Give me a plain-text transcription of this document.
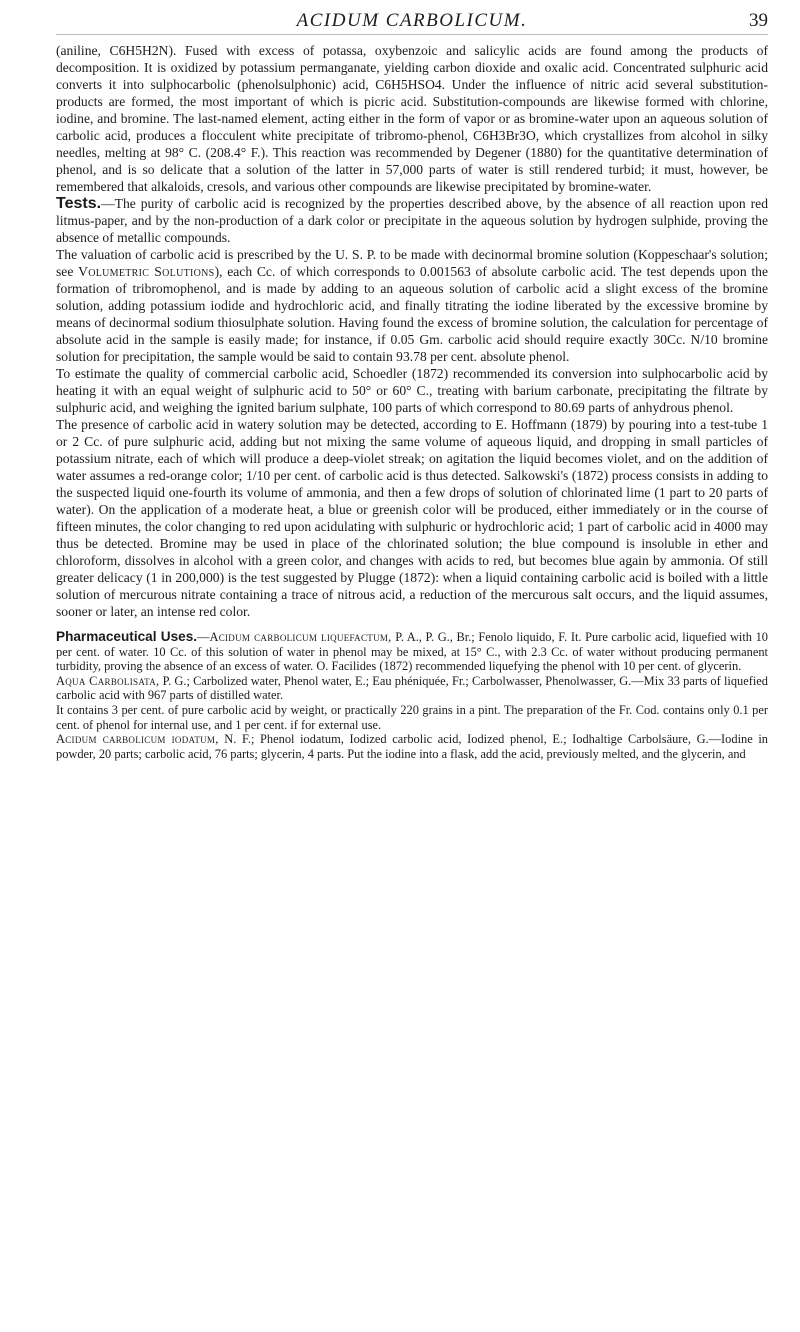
ACIDUM CARBOLICUM.	39

(aniline, C6H5H2N). Fused with excess of potassa, oxybenzoic and salicylic acids are found among the products of decomposition. It is oxidized by potassium permanganate, yielding carbon dioxide and oxalic acid. Concentrated sulphuric acid converts it into sulphocarbolic (phenolsulphonic) acid, C6H5HSO4. Under the influence of nitric acid several substitution-products are formed, the most important of which is picric acid. Substitution-compounds are likewise formed with chlorine, iodine, and bromine. The last-named element, acting either in the form of vapor or as bromine-water upon an aqueous solution of carbolic acid, produces a flocculent white precipitate of tribromo-phenol, C6H3Br3O, which crystallizes from alcohol in silky needles, melting at 98° C. (208.4° F.). This reaction was recommended by Degener (1880) for the quantitative determination of phenol, and is so delicate that a solution of the latter in 57,000 parts of water is still rendered turbid; it must, however, be remembered that alkaloids, cresols, and various other compounds are likewise precipitated by bromine-water.

Tests.—The purity of carbolic acid is recognized by the properties described above, by the absence of all reaction upon red litmus-paper, and by the non-production of a dark color or precipitate in the aqueous solution by hydrogen sulphide, proving the absence of metallic compounds.

The valuation of carbolic acid is prescribed by the U. S. P. to be made with decinormal bromine solution (Koppeschaar's solution; see Volumetric Solutions), each Cc. of which corresponds to 0.001563 of absolute carbolic acid. The test depends upon the formation of tribromophenol, and is made by adding to an aqueous solution of carbolic acid a slight excess of the bromine solution, adding potassium iodide and hydrochloric acid, and finally titrating the iodine liberated by the excessive bromine by means of decinormal sodium thiosulphate solution. Having found the excess of bromine solution, the calculation for percentage of absolute acid in the sample is easily made; for instance, if 0.05 Gm. carbolic acid should require exactly 30Cc. N/10 bromine solution for precipitation, the sample would be said to contain 93.78 per cent. absolute phenol.

To estimate the quality of commercial carbolic acid, Schoedler (1872) recommended its conversion into sulphocarbolic acid by heating it with an equal weight of sulphuric acid to 50° or 60° C., treating with barium carbonate, precipitating the filtrate by sulphuric acid, and weighing the ignited barium sulphate, 100 parts of which correspond to 80.69 parts of anhydrous phenol.

The presence of carbolic acid in watery solution may be detected, according to E. Hoffmann (1879) by pouring into a test-tube 1 or 2 Cc. of pure sulphuric acid, adding but not mixing the same volume of aqueous liquid, and dropping in small particles of potassium nitrate, each of which will produce a deep-violet streak; on agitation the liquid becomes violet, and on the addition of water assumes a red-orange color; 1/10 per cent. of carbolic acid is thus detected. Salkowski's (1872) process consists in adding to the suspected liquid one-fourth its volume of ammonia, and then a few drops of solution of chlorinated lime (1 part to 20 parts of water). On the application of a moderate heat, a blue or greenish color will be produced, either immediately or in the course of fifteen minutes, the color changing to red upon acidulating with sulphuric or hydrochloric acid; 1 part of carbolic acid in 4000 may thus be detected. Bromine may be used in place of the chlorinated solution; the blue compound is insoluble in ether and chloroform, dissolves in alcohol with a green color, and changes with acids to red, but becomes blue again by ammonia. Of still greater delicacy (1 in 200,000) is the test suggested by Plugge (1872): when a liquid containing carbolic acid is boiled with a little solution of mercurous nitrate containing a trace of nitrous acid, a reduction of the mercurous salt occurs, and the liquid assumes, sooner or later, an intense red color.

Pharmaceutical Uses.—Acidum carbolicum liquefactum, P. A., P. G., Br.; Fenolo liquido, F. It. Pure carbolic acid, liquefied with 10 per cent. of water. 10 Cc. of this solution of water in phenol may be mixed, at 15° C., with 2.3 Cc. of water without producing permanent turbidity, proving the absence of an excess of water. O. Facilides (1872) recommended liquefying the phenol with 10 per cent. of glycerin.

Aqua Carbolisata, P. G.; Carbolized water, Phenol water, E.; Eau phéniquée, Fr.; Carbolwasser, Phenolwasser, G.—Mix 33 parts of liquefied carbolic acid with 967 parts of distilled water.

It contains 3 per cent. of pure carbolic acid by weight, or practically 220 grains in a pint. The preparation of the Fr. Cod. contains only 0.1 per cent. of phenol for internal use, and 1 per cent. if for external use.

Acidum carbolicum iodatum, N. F.; Phenol iodatum, Iodized carbolic acid, Iodized phenol, E.; Iodhaltige Carbolsäure, G.—Iodine in powder, 20 parts; carbolic acid, 76 parts; glycerin, 4 parts. Put the iodine into a flask, add the acid, previously melted, and the glycerin, and
